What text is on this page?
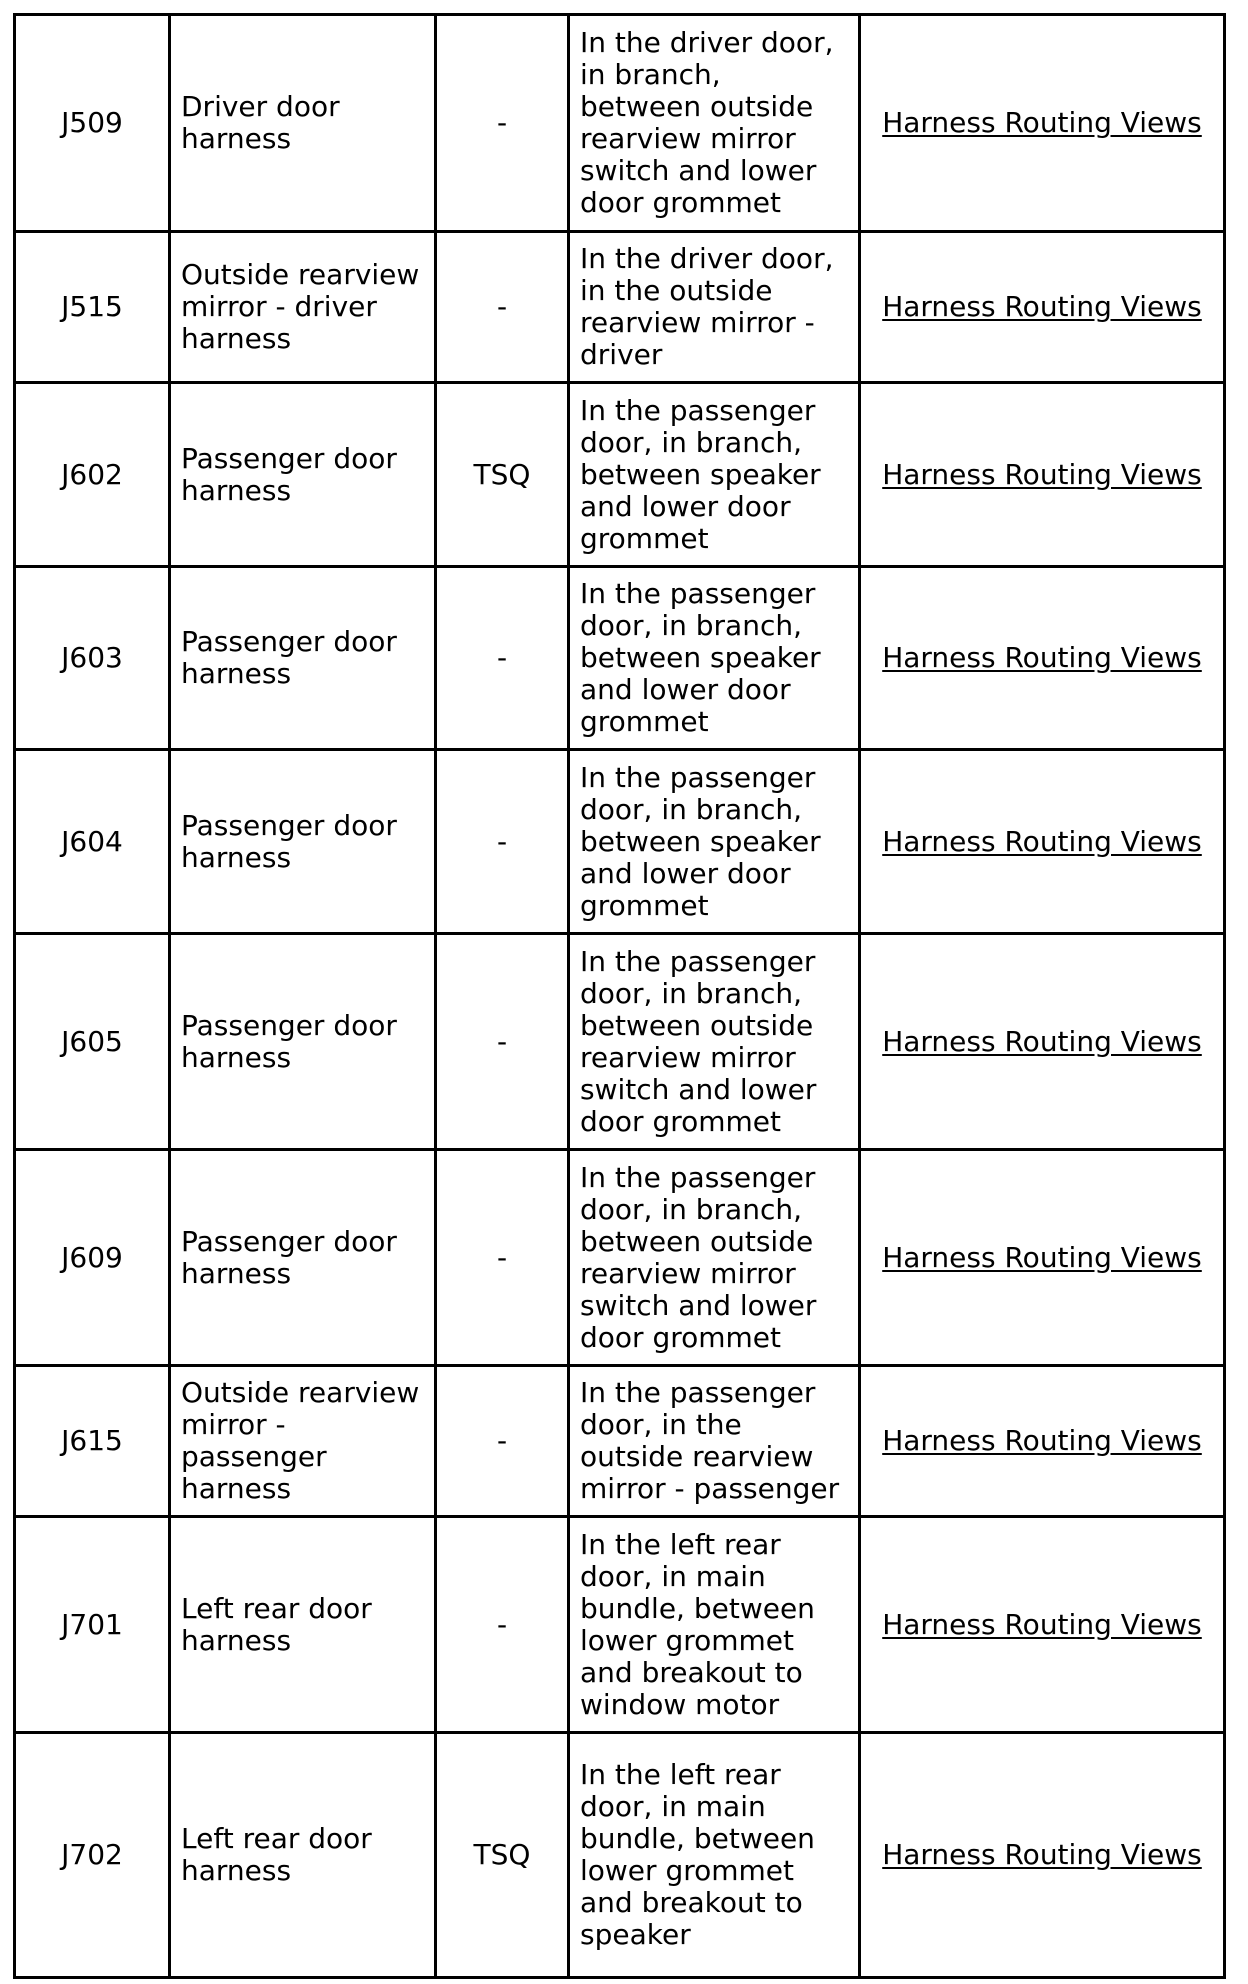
J509	Driver door harness	-	In the driver door, in branch, between outside rearview mirror switch and lower door grommet	Harness Routing Views
J515	Outside rearview mirror - driver harness	-	In the driver door, in the outside rearview mirror - driver	Harness Routing Views
J602	Passenger door harness	TSQ	In the passenger door, in branch, between speaker and lower door grommet	Harness Routing Views
J603	Passenger door harness	-	In the passenger door, in branch, between speaker and lower door grommet	Harness Routing Views
J604	Passenger door harness	-	In the passenger door, in branch, between speaker and lower door grommet	Harness Routing Views
J605	Passenger door harness	-	In the passenger door, in branch, between outside rearview mirror switch and lower door grommet	Harness Routing Views
J609	Passenger door harness	-	In the passenger door, in branch, between outside rearview mirror switch and lower door grommet	Harness Routing Views
J615	Outside rearview mirror - passenger harness	-	In the passenger door, in the outside rearview mirror - passenger	Harness Routing Views
J701	Left rear door harness	-	In the left rear door, in main bundle, between lower grommet and breakout to window motor	Harness Routing Views
J702	Left rear door harness	TSQ	In the left rear door, in main bundle, between lower grommet and breakout to speaker	Harness Routing Views
